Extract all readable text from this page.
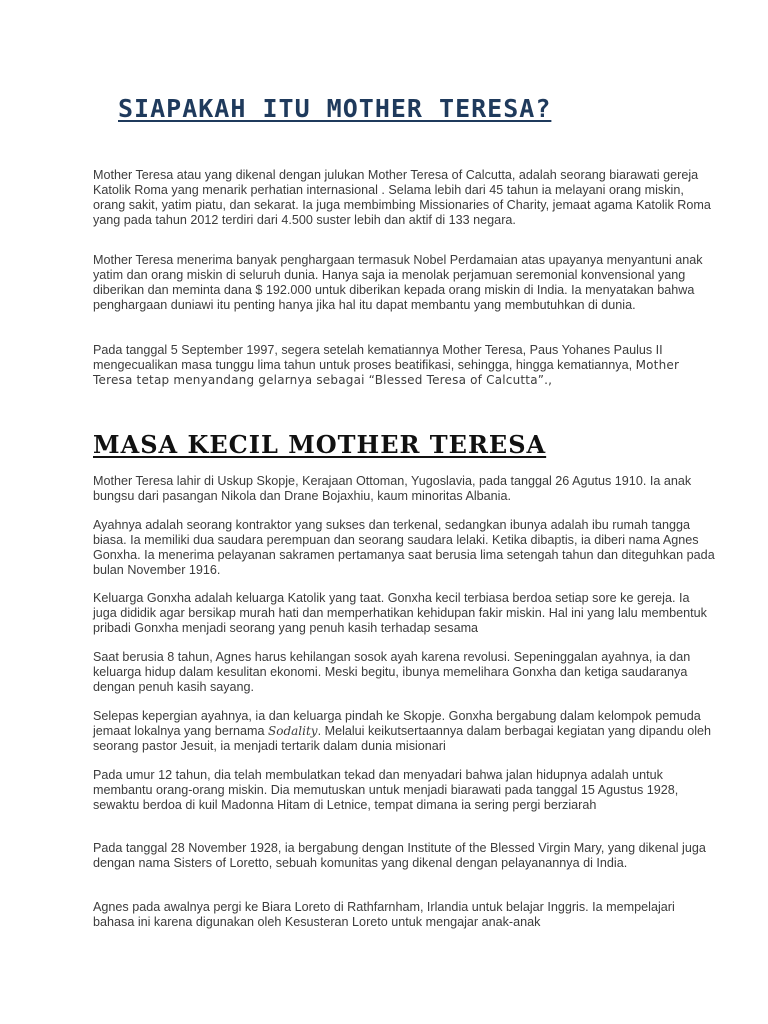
SIAPAKAH ITU MOTHER TERESA?

Mother Teresa atau yang dikenal dengan julukan Mother Teresa of Calcutta, adalah seorang biarawati gereja Katolik Roma yang menarik perhatian internasional . Selama lebih dari 45 tahun ia melayani orang miskin, orang sakit, yatim piatu, dan sekarat. Ia juga membimbing Missionaries of Charity, jemaat agama Katolik Roma yang pada tahun 2012 terdiri dari 4.500 suster lebih dan aktif di 133 negara.

Mother Teresa menerima banyak penghargaan termasuk Nobel Perdamaian atas upayanya menyantuni anak yatim dan orang miskin di seluruh dunia. Hanya saja ia menolak perjamuan seremonial konvensional yang diberikan dan meminta dana $ 192.000 untuk diberikan kepada orang miskin di India. Ia menyatakan bahwa penghargaan duniawi itu penting hanya jika hal itu dapat membantu yang membutuhkan di dunia.

Pada tanggal 5 September 1997, segera setelah kematiannya Mother Teresa, Paus Yohanes Paulus II mengecualikan masa tunggu lima tahun untuk proses beatifikasi, sehingga, hingga kematiannya, Mother Teresa tetap menyandang gelarnya sebagai “Blessed Teresa of Calcutta”.,

MASA KECIL MOTHER TERESA

Mother Teresa lahir di Uskup Skopje, Kerajaan Ottoman, Yugoslavia, pada tanggal 26 Agutus 1910. Ia anak bungsu dari pasangan Nikola dan Drane Bojaxhiu, kaum minoritas Albania.

Ayahnya adalah seorang kontraktor yang sukses dan terkenal, sedangkan ibunya adalah ibu rumah tangga biasa. Ia memiliki dua saudara perempuan dan seorang saudara lelaki. Ketika dibaptis, ia diberi nama Agnes Gonxha. Ia menerima pelayanan sakramen pertamanya saat berusia lima setengah tahun dan diteguhkan pada bulan November 1916.

Keluarga Gonxha adalah keluarga Katolik yang taat. Gonxha kecil terbiasa berdoa setiap sore ke gereja. Ia juga dididik agar bersikap murah hati dan memperhatikan kehidupan fakir miskin. Hal ini yang lalu membentuk pribadi Gonxha menjadi seorang yang penuh kasih terhadap sesama

Saat berusia 8 tahun, Agnes harus kehilangan sosok ayah karena revolusi. Sepeninggalan ayahnya, ia dan keluarga hidup dalam kesulitan ekonomi. Meski begitu, ibunya memelihara Gonxha dan ketiga saudaranya dengan penuh kasih sayang.

Selepas kepergian ayahnya, ia dan keluarga pindah ke Skopje. Gonxha bergabung dalam kelompok pemuda jemaat lokalnya yang bernama Sodality. Melalui keikutsertaannya dalam berbagai kegiatan yang dipandu oleh seorang pastor Jesuit, ia menjadi tertarik dalam dunia misionari

Pada umur 12 tahun, dia telah membulatkan tekad dan menyadari bahwa jalan hidupnya adalah untuk membantu orang-orang miskin. Dia memutuskan untuk menjadi biarawati pada tanggal 15 Agustus 1928, sewaktu berdoa di kuil Madonna Hitam di Letnice, tempat dimana ia sering pergi berziarah

Pada tanggal 28 November 1928, ia bergabung dengan Institute of the Blessed Virgin Mary, yang dikenal juga dengan nama Sisters of Loretto, sebuah komunitas yang dikenal dengan pelayanannya di India.

Agnes pada awalnya pergi ke Biara Loreto di Rathfarnham, Irlandia untuk belajar Inggris. Ia mempelajari bahasa ini karena digunakan oleh Kesusteran Loreto untuk mengajar anak-anak
